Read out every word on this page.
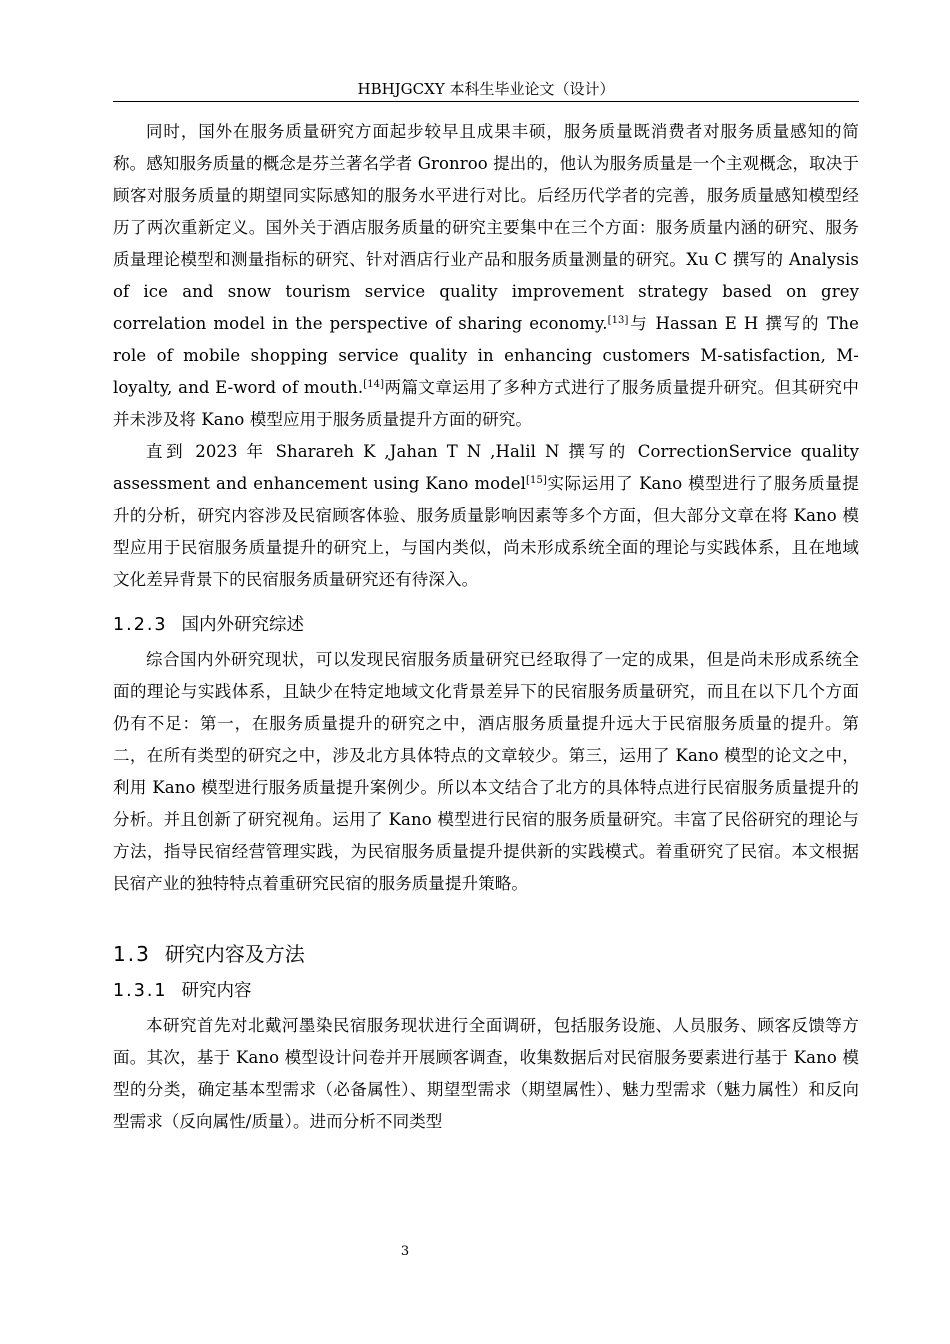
HBHJGCXY 本科生毕业论文（设计）

同时，国外在服务质量研究方面起步较早且成果丰硕，服务质量既消费者对服务质量感知的简称。感知服务质量的概念是芬兰著名学者 Gronroo 提出的，他认为服务质量是一个主观概念，取决于顾客对服务质量的期望同实际感知的服务水平进行对比。后经历代学者的完善，服务质量感知模型经历了两次重新定义。国外关于酒店服务质量的研究主要集中在三个方面：服务质量内涵的研究、服务质量理论模型和测量指标的研究、针对酒店行业产品和服务质量测量的研究。Xu C 撰写的 Analysis of ice and snow tourism service quality improvement strategy based on grey correlation model in the perspective of sharing economy.[13]与 Hassan E H 撰写的 The role of mobile shopping service quality in enhancing customers M-satisfaction, M-loyalty, and E-word of mouth.[14]两篇文章运用了多种方式进行了服务质量提升研究。但其研究中并未涉及将 Kano 模型应用于服务质量提升方面的研究。

直到 2023 年 Sharareh K ,Jahan T N ,Halil N 撰写的 CorrectionService quality assessment and enhancement using Kano model[15]实际运用了 Kano 模型进行了服务质量提升的分析，研究内容涉及民宿顾客体验、服务质量影响因素等多个方面，但大部分文章在将 Kano 模型应用于民宿服务质量提升的研究上，与国内类似，尚未形成系统全面的理论与实践体系，且在地域文化差异背景下的民宿服务质量研究还有待深入。

1.2.3 国内外研究综述

综合国内外研究现状，可以发现民宿服务质量研究已经取得了一定的成果，但是尚未形成系统全面的理论与实践体系，且缺少在特定地域文化背景差异下的民宿服务质量研究，而且在以下几个方面仍有不足：第一，在服务质量提升的研究之中，酒店服务质量提升远大于民宿服务质量的提升。第二，在所有类型的研究之中，涉及北方具体特点的文章较少。第三，运用了 Kano 模型的论文之中，利用 Kano 模型进行服务质量提升案例少。所以本文结合了北方的具体特点进行民宿服务质量提升的分析。并且创新了研究视角。运用了 Kano 模型进行民宿的服务质量研究。丰富了民俗研究的理论与方法，指导民宿经营管理实践，为民宿服务质量提升提供新的实践模式。着重研究了民宿。本文根据民宿产业的独特特点着重研究民宿的服务质量提升策略。

1.3 研究内容及方法
1.3.1 研究内容

本研究首先对北戴河墨染民宿服务现状进行全面调研，包括服务设施、人员服务、顾客反馈等方面。其次，基于 Kano 模型设计问卷并开展顾客调查，收集数据后对民宿服务要素进行基于 Kano 模型的分类，确定基本型需求（必备属性）、期望型需求（期望属性）、魅力型需求（魅力属性）和反向型需求（反向属性/质量）。进而分析不同类型

3
